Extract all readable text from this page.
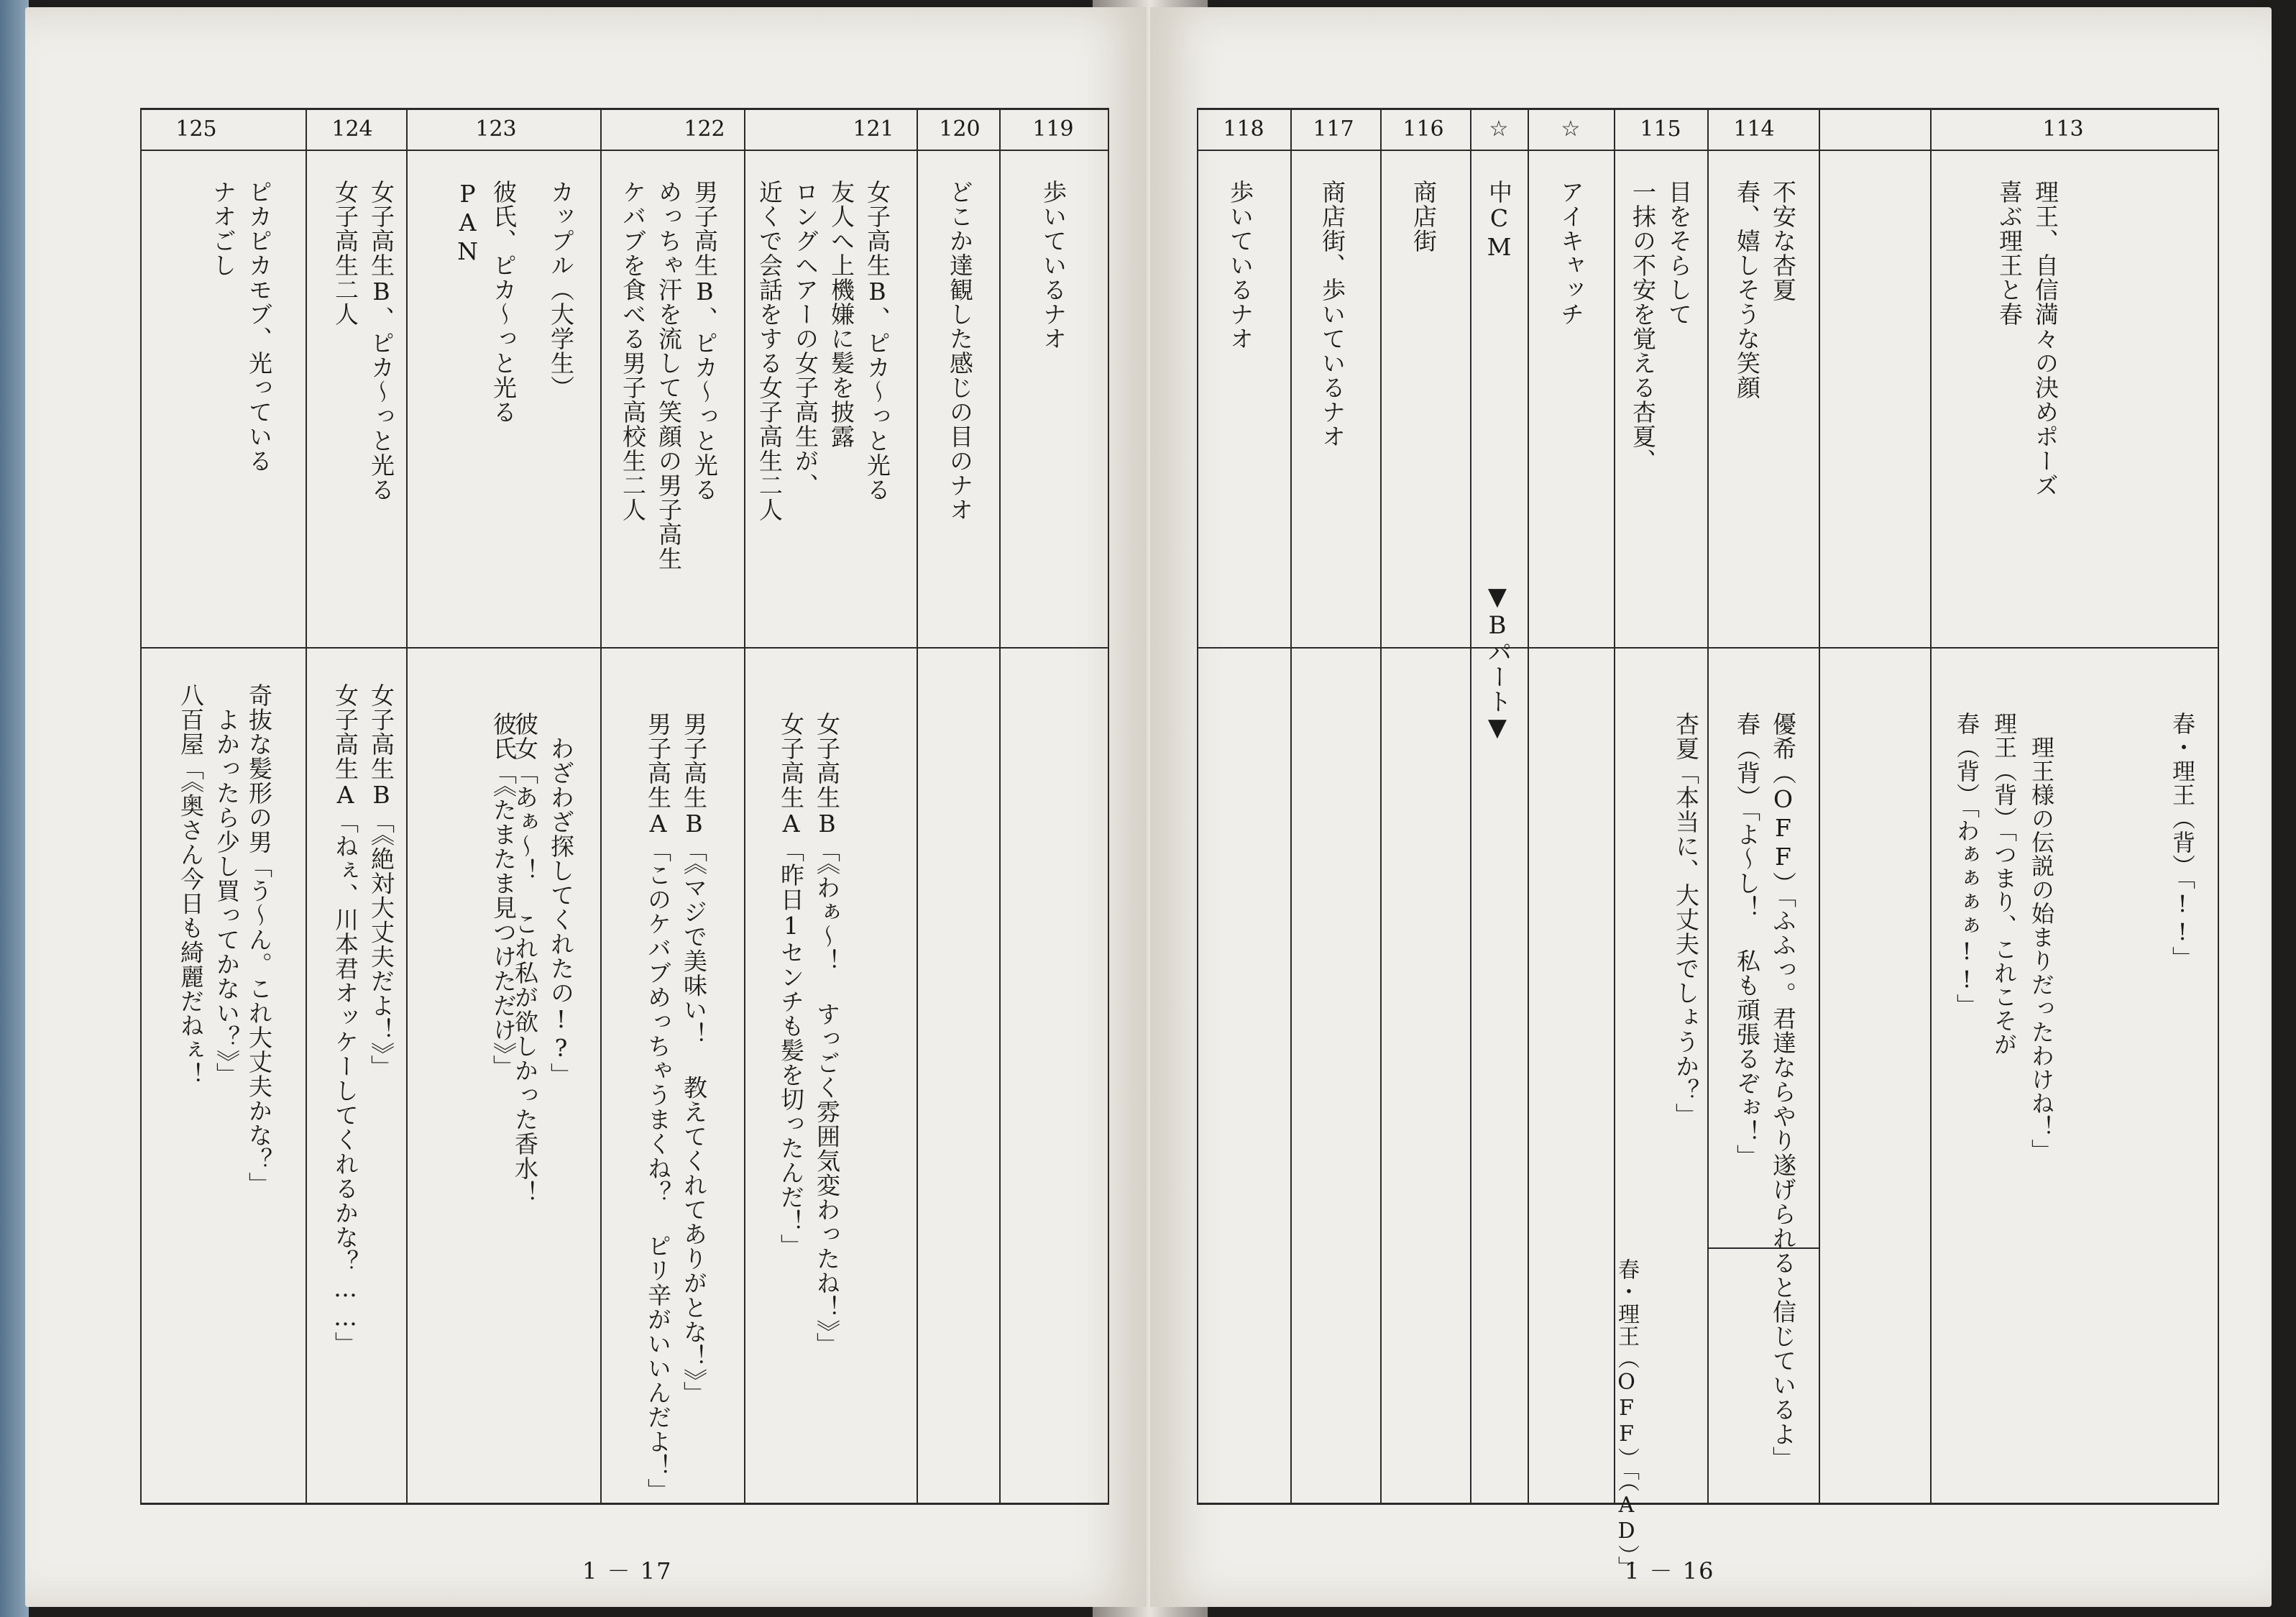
125
ピカピカモブ、光っている
ナオごし
　よかったら少し買ってかない？》」
八百屋「《奥さん今日も綺麗だねぇ！ 奇抜な髪形の男「う～ん。これ大丈夫かな？」
124
女子高生B、ピカ～っと光る
女子高生二人
女子高生B「《絶対大丈夫だよ！》」
女子高生A「ねぇ、川本君オッケーしてくれるかな？……」
123
彼氏、ピカ～っと光る
PAN
彼氏「《たまたま見つけただけ》」
カップル（大学生）
　わざわざ探してくれたの!?」
彼女「あぁ～！ これ私が欲しかった香水！
122
男子高生B、ピカ～っと光る
めっちゃ汗を流して笑顔の男子高生
ケバブを食べる男子高校生二人
男子高生B「《マジで美味い！ 教えてくれてありがとな！》」
男子高生A「このケバブめっちゃうまくね？ ピリ辛がいいんだよ！」
121
女子高生B、ピカ～っと光る
友人へ上機嫌に髪を披露
ロングヘアーの女子高生が、
近くで会話をする女子高生二人
女子高生B「《わぁ～！ すっごく雰囲気変わったね！》」
女子高生A「昨日1センチも髪を切ったんだ！」
120
どこか達観した感じの目のナオ
119
歩いているナオ
1 － 17
118
歩いているナオ
117
商店街、歩いているナオ
116
商店街
☆
中CM
▼Bパート▼
☆
アイキャッチ
115
目をそらして
一抹の不安を覚える杏夏、
杏夏「本当に、大丈夫でしょうか？」
春・理王（OFF）「（AD）」
114
不安な杏夏
春、嬉しそうな笑顔
優希（OFF）「ふふっ。君達ならやり遂げられると信じているよ」
春（背）「よ～し！ 私も頑張るぞぉ！」
113
理王、自信満々の決めポーズ
喜ぶ理王と春
　理王様の伝説の始まりだったわけね！」
理王（背）「つまり、これこそが
春（背）「わぁぁぁぁ!!」	春・理王（背）「!!」
1 － 16
